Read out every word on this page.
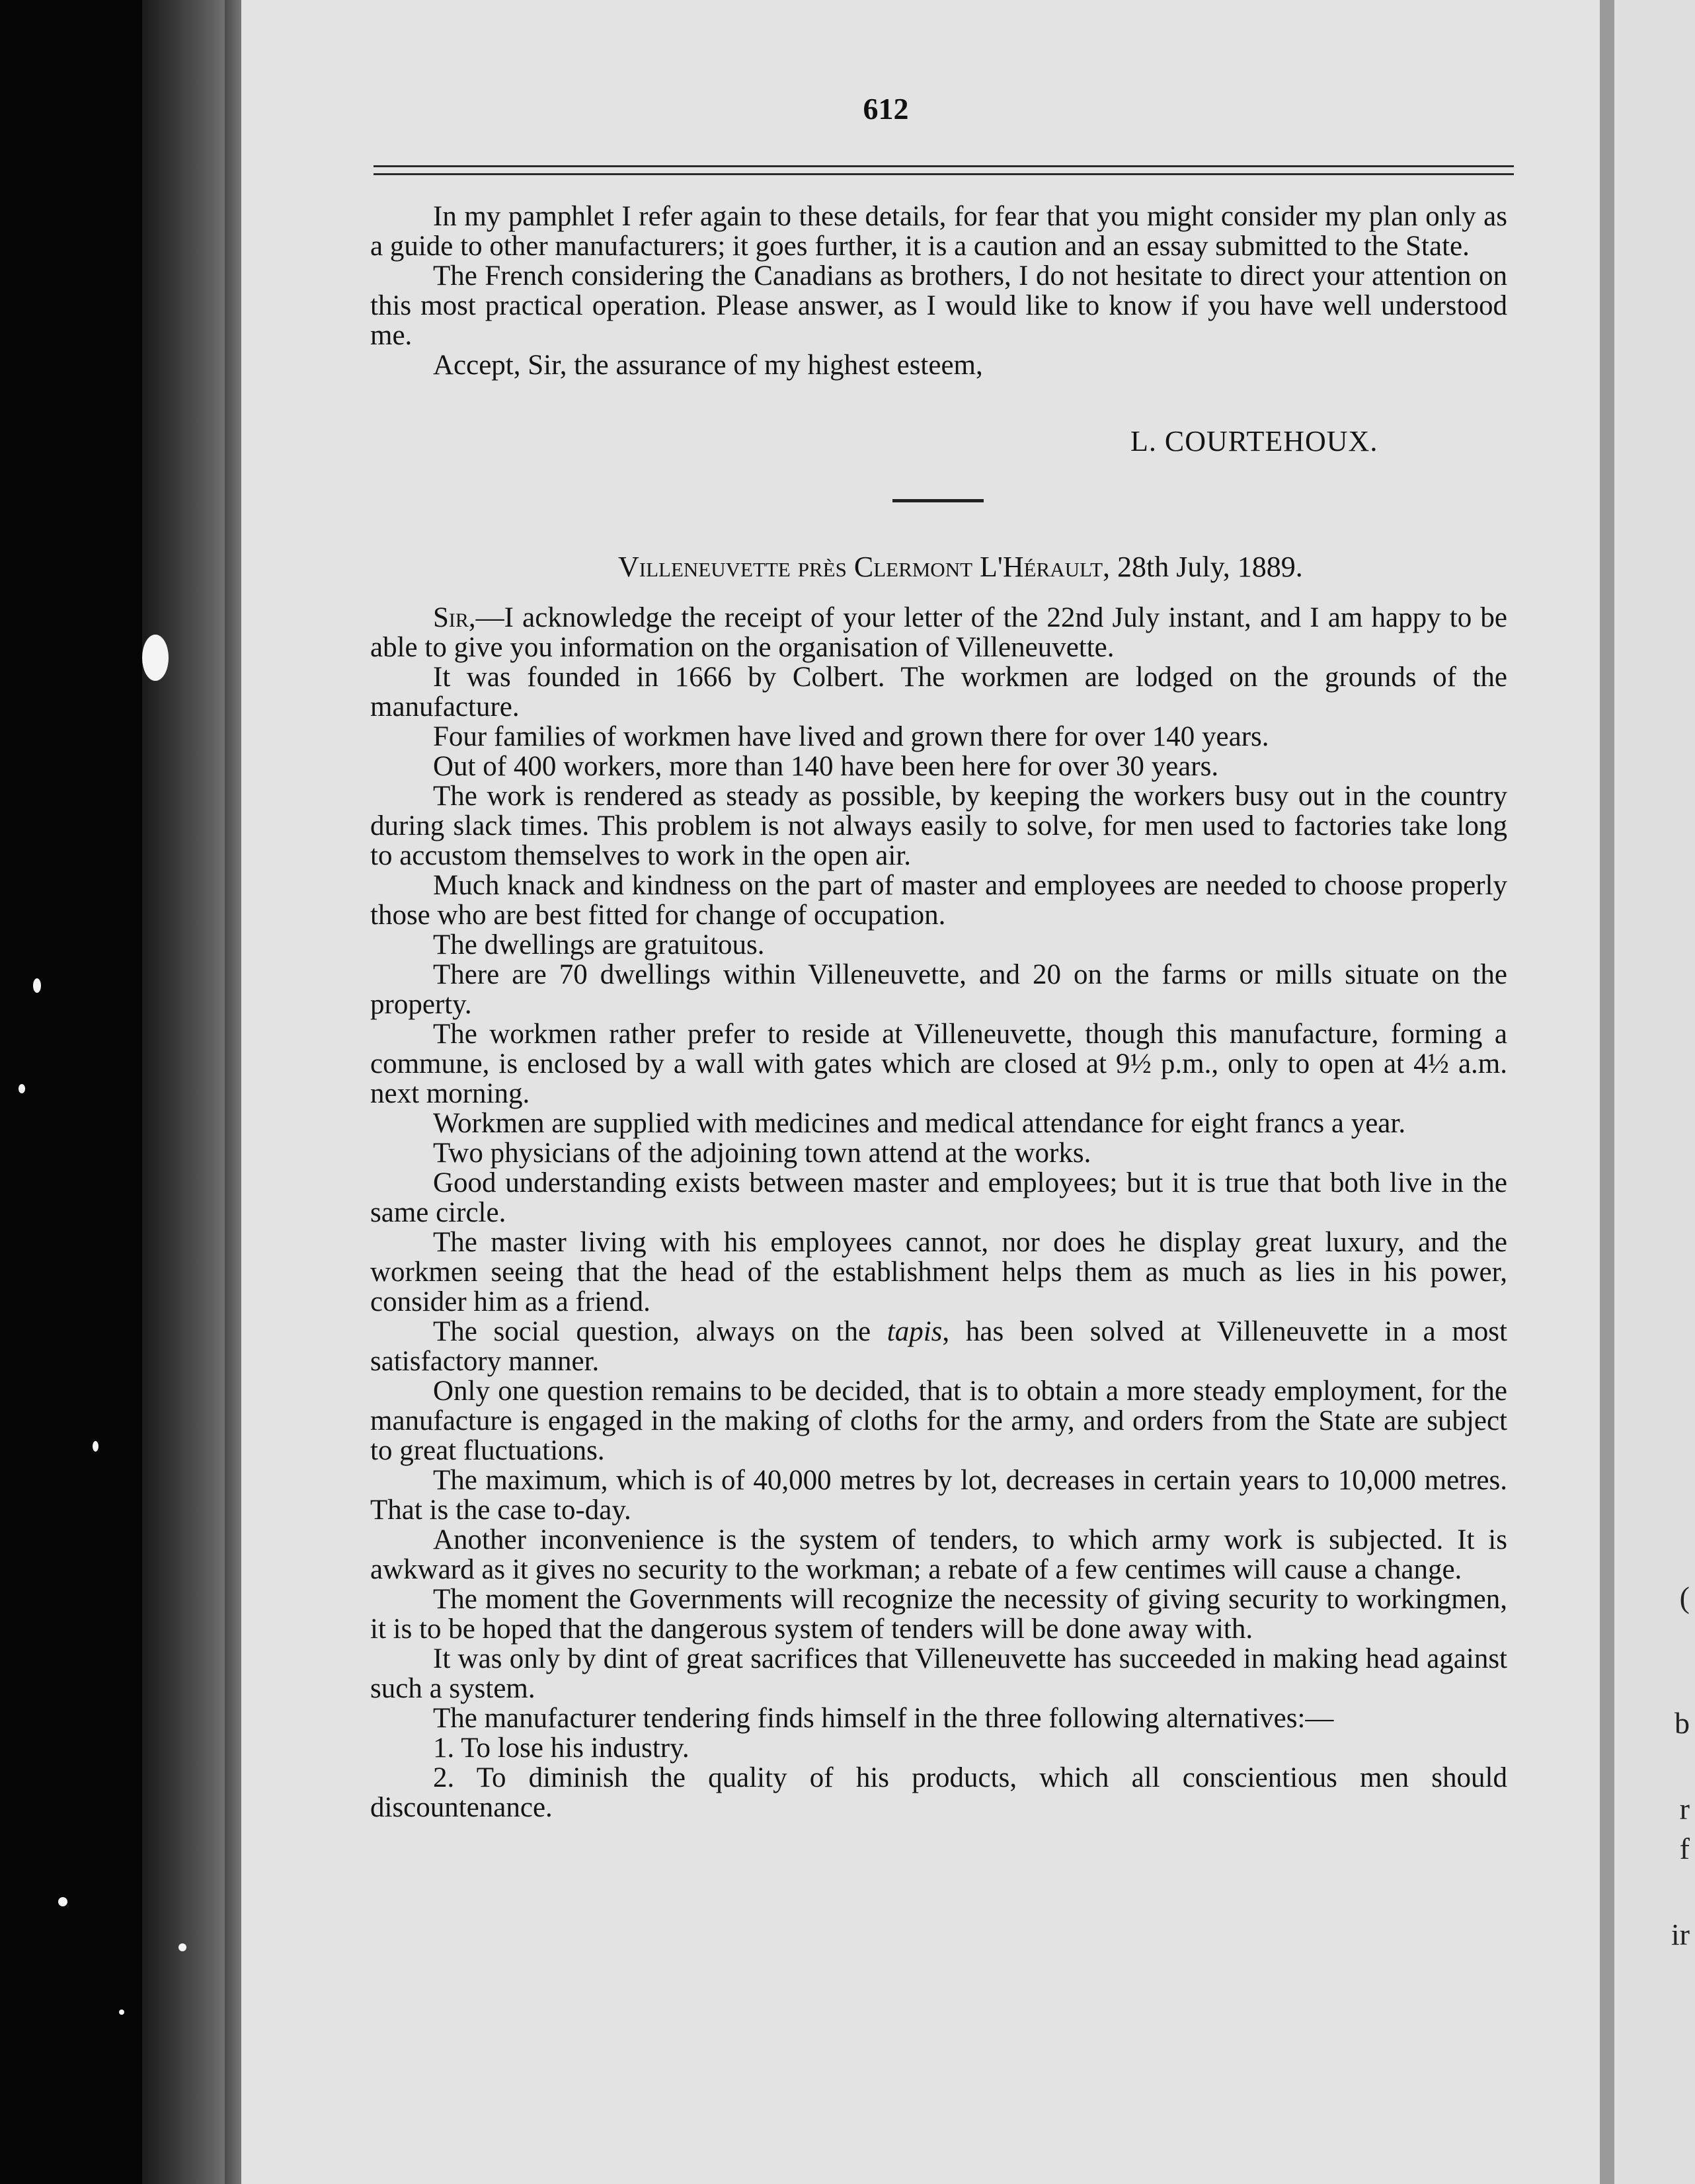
(
b
r
f
ir
612

In my pamphlet I refer again to these details, for fear that you might consider my plan only as a guide to other manufacturers; it goes further, it is a caution and an essay submitted to the State.

The French considering the Canadians as brothers, I do not hesitate to direct your attention on this most practical operation. Please answer, as I would like to know if you have well understood me.

Accept, Sir, the assurance of my highest esteem,

L. COURTEHOUX.
Villeneuvette près Clermont L'Hérault, 28th July, 1889.

Sir,—I acknowledge the receipt of your letter of the 22nd July instant, and I am happy to be able to give you information on the organisation of Villeneuvette.

It was founded in 1666 by Colbert. The workmen are lodged on the grounds of the manufacture.

Four families of workmen have lived and grown there for over 140 years.

Out of 400 workers, more than 140 have been here for over 30 years.

The work is rendered as steady as possible, by keeping the workers busy out in the country during slack times. This problem is not always easily to solve, for men used to factories take long to accustom themselves to work in the open air.

Much knack and kindness on the part of master and employees are needed to choose properly those who are best fitted for change of occupation.

The dwellings are gratuitous.

There are 70 dwellings within Villeneuvette, and 20 on the farms or mills situate on the property.

The workmen rather prefer to reside at Villeneuvette, though this manufacture, forming a commune, is enclosed by a wall with gates which are closed at 9½ p.m., only to open at 4½ a.m. next morning.

Workmen are supplied with medicines and medical attendance for eight francs a year.

Two physicians of the adjoining town attend at the works.

Good understanding exists between master and employees; but it is true that both live in the same circle.

The master living with his employees cannot, nor does he display great luxury, and the workmen seeing that the head of the establishment helps them as much as lies in his power, consider him as a friend.

The social question, always on the tapis, has been solved at Villeneuvette in a most satisfactory manner.

Only one question remains to be decided, that is to obtain a more steady employment, for the manufacture is engaged in the making of cloths for the army, and orders from the State are subject to great fluctuations.

The maximum, which is of 40,000 metres by lot, decreases in certain years to 10,000 metres. That is the case to-day.

Another inconvenience is the system of tenders, to which army work is subjected. It is awkward as it gives no security to the workman; a rebate of a few centimes will cause a change.

The moment the Governments will recognize the necessity of giving security to workingmen, it is to be hoped that the dangerous system of tenders will be done away with.

It was only by dint of great sacrifices that Villeneuvette has succeeded in making head against such a system.

The manufacturer tendering finds himself in the three following alternatives:—

1. To lose his industry.

2. To diminish the quality of his products, which all conscientious men should discountenance.
